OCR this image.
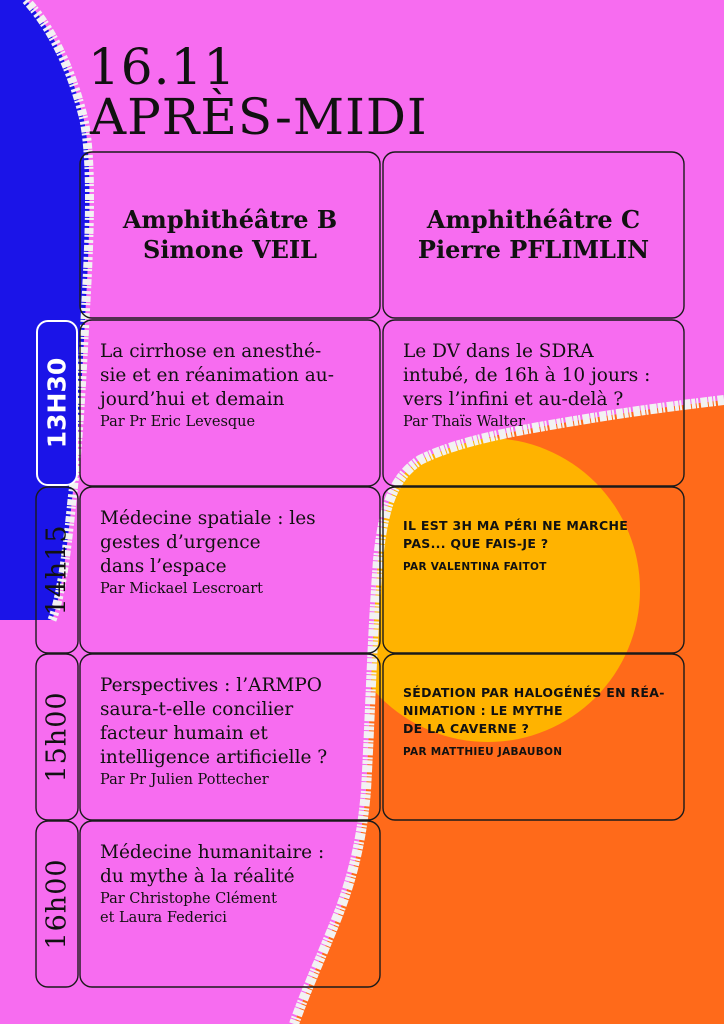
16.11
APRÈS-MIDI
Amphithéâtre B
Simone VEIL
Amphithéâtre C
Pierre PFLIMLIN
13H30
14h15
15h00
16h00
La cirrhose en anesthé-
sie et en réanimation au-
jourd’hui et demain
Par Pr Eric Levesque
Le DV dans le SDRA
intubé, de 16h à 10 jours :
vers l’infini et au-delà ?
Par Thaïs Walter
Médecine spatiale : les
gestes d’urgence
dans l’espace
Par Mickael Lescroart
IL EST 3H MA PÉRI NE MARCHE
PAS... QUE FAIS-JE ?
PAR VALENTINA FAITOT
Perspectives : l’ARMPO
saura-t-elle concilier
facteur humain et
intelligence artificielle ?
Par Pr Julien Pottecher
SÉDATION PAR HALOGÉNÉS EN RÉA-
NIMATION : LE MYTHE
DE LA CAVERNE ?
PAR MATTHIEU JABAUBON
Médecine humanitaire :
du mythe à la réalité
Par Christophe Clément
et Laura Federici
